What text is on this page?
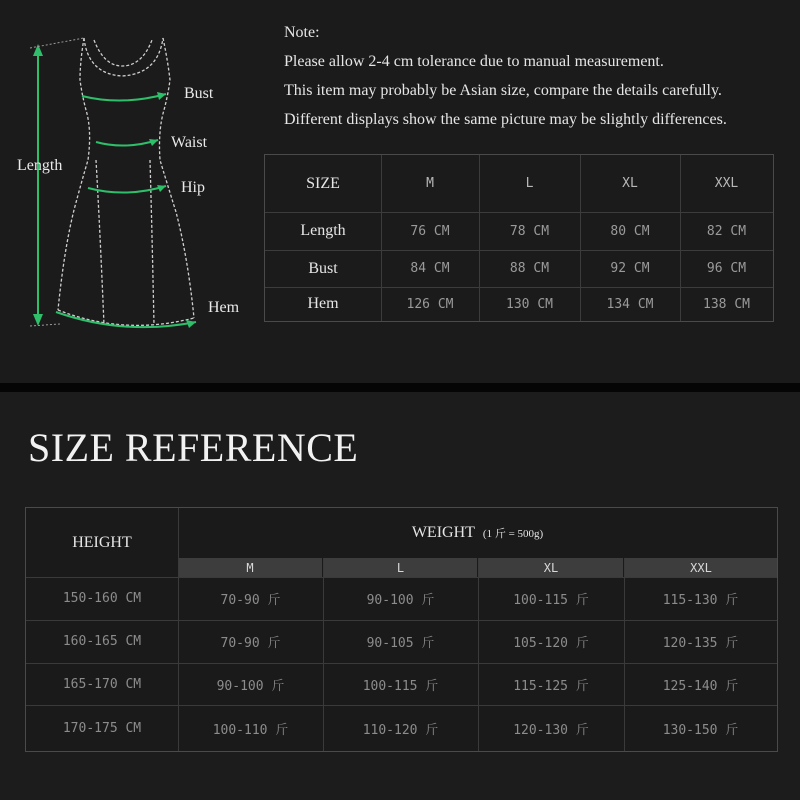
Bust
Waist
Hip
Length
Hem
Note:
Please allow 2-4 cm tolerance due to manual measurement.
This item may probably be Asian size, compare the details carefully.
Different displays show the same picture may be slightly differences.
SIZE	M	L	XL	XXL
Length	76 CM	78 CM	80 CM	82 CM
Bust	84 CM	88 CM	92 CM	96 CM
Hem	126 CM	130 CM	134 CM	138 CM
SIZE REFERENCE
HEIGHT
WEIGHT (1 斤 = 500g)
M	L	XL	XXL
150-160 CM	70-90 斤	90-100 斤	100-115 斤	115-130 斤
160-165 CM	70-90 斤	90-105 斤	105-120 斤	120-135 斤
165-170 CM	90-100 斤	100-115 斤	115-125 斤	125-140 斤
170-175 CM	100-110 斤	110-120 斤	120-130 斤	130-150 斤
